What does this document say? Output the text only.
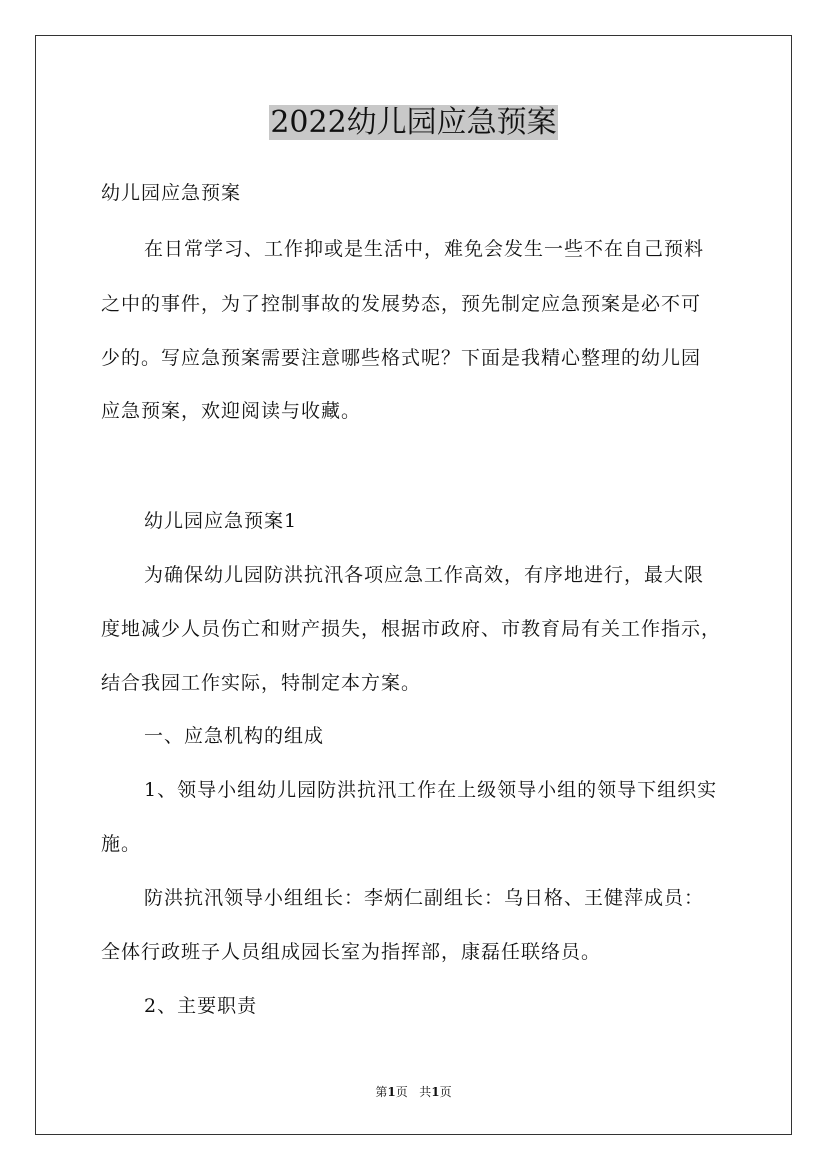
2022幼儿园应急预案
幼儿园应急预案
在日常学习、工作抑或是生活中，难免会发生一些不在自己预料
之中的事件，为了控制事故的发展势态，预先制定应急预案是必不可
少的。写应急预案需要注意哪些格式呢？下面是我精心整理的幼儿园
应急预案，欢迎阅读与收藏。
幼儿园应急预案1
为确保幼儿园防洪抗汛各项应急工作高效，有序地进行，最大限
度地减少人员伤亡和财产损失，根据市政府、市教育局有关工作指示，
结合我园工作实际，特制定本方案。
一、应急机构的组成
1、领导小组幼儿园防洪抗汛工作在上级领导小组的领导下组织实
施。
防洪抗汛领导小组组长：李炳仁副组长：乌日格、王健萍成员：
全体行政班子人员组成园长室为指挥部，康磊任联络员。
2、主要职责
第1页 共1页
